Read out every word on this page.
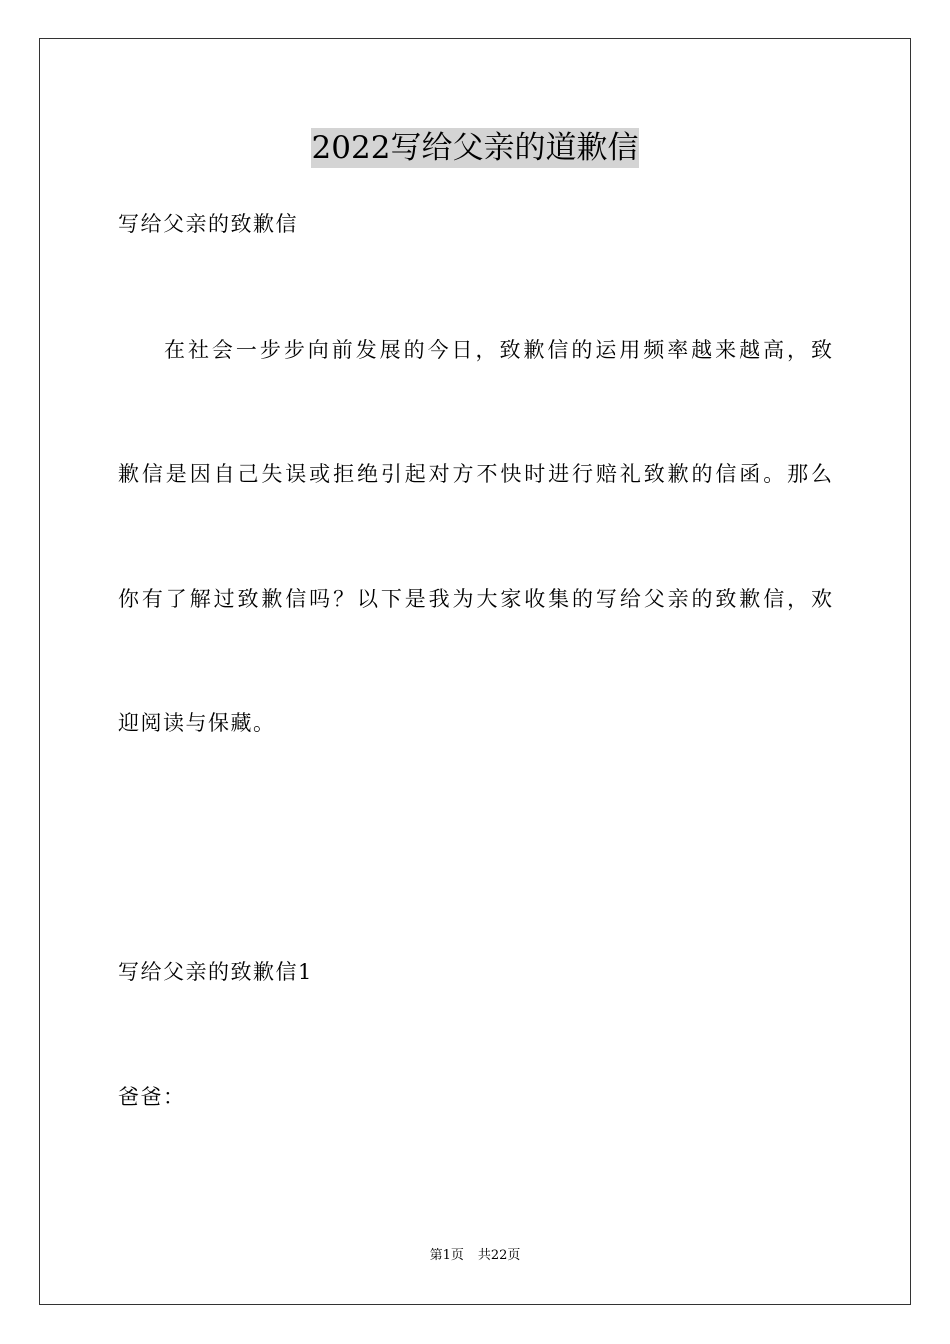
2022写给父亲的道歉信
写给父亲的致歉信
在社会一步步向前发展的今日，致歉信的运用频率越来越高，致
歉信是因自己失误或拒绝引起对方不快时进行赔礼致歉的信函。那么
你有了解过致歉信吗？以下是我为大家收集的写给父亲的致歉信，欢
迎阅读与保藏。
写给父亲的致歉信1
爸爸：
第1页 共22页
